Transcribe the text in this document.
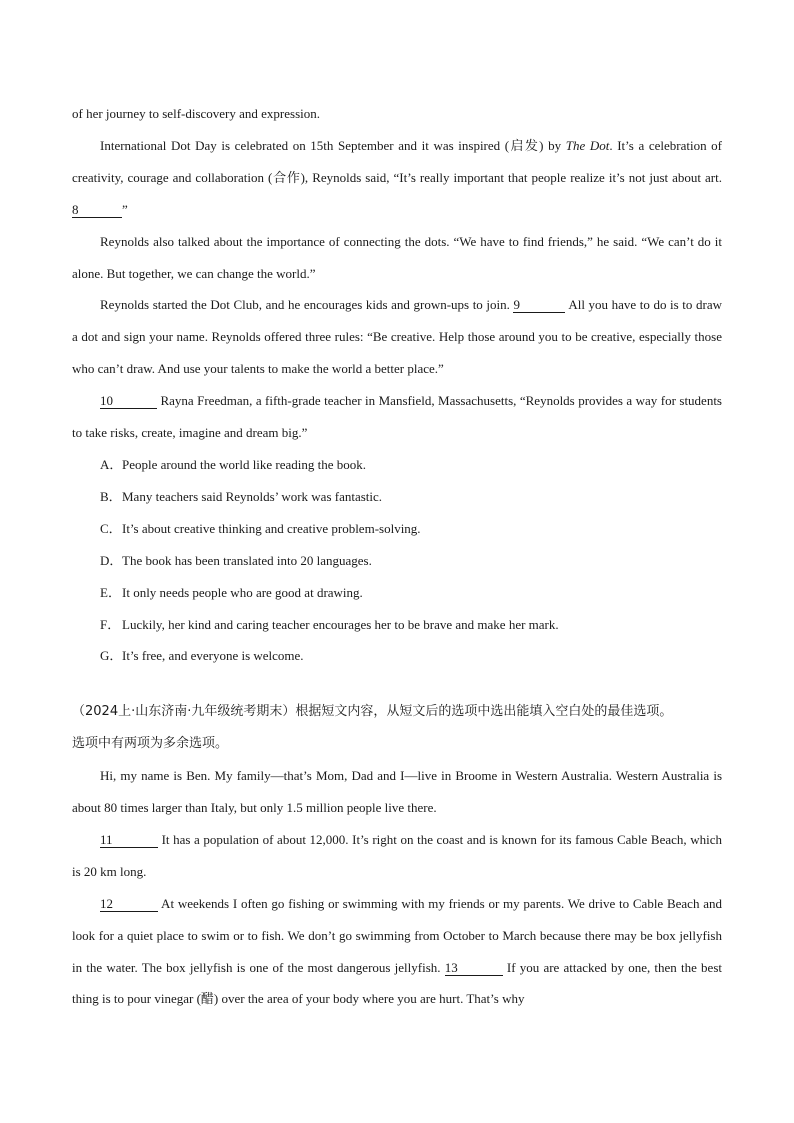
of her journey to self-discovery and expression.

International Dot Day is celebrated on 15th September and it was inspired (启发) by The Dot. It’s a celebration of creativity, courage and collaboration (合作), Reynolds said, “It’s really important that people realize it’s not just about art. 8	”

Reynolds also talked about the importance of connecting the dots. “We have to find friends,” he said. “We can’t do it alone. But together, we can change the world.”

Reynolds started the Dot Club, and he encourages kids and grown-ups to join. 9	All you have to do is to draw a dot and sign your name. Reynolds offered three rules: “Be creative. Help those around you to be creative, especially those who can’t draw. And use your talents to make the world a better place.”

10	Rayna Freedman, a fifth-grade teacher in Mansfield, Massachusetts, “Reynolds provides a way for students to take risks, create, imagine and dream big.”

A．People around the world like reading the book.

B．Many teachers said Reynolds’ work was fantastic.

C．It’s about creative thinking and creative problem-solving.

D．The book has been translated into 20 languages.

E．It only needs people who are good at drawing.

F． Luckily, her kind and caring teacher encourages her to be brave and make her mark.

G．It’s free, and everyone is welcome.

（2024上·山东济南·九年级统考期末）根据短文内容，从短文后的选项中选出能填入空白处的最佳选项。
选项中有两项为多余选项。

Hi, my name is Ben. My family—that’s Mom, Dad and I—live in Broome in Western Australia. Western Australia is about 80 times larger than Italy, but only 1.5 million people live there.

11	It has a population of about 12,000. It’s right on the coast and is known for its famous Cable Beach, which is 20 km long.

12	At weekends I often go fishing or swimming with my friends or my parents. We drive to Cable Beach and look for a quiet place to swim or to fish. We don’t go swimming from October to March because there may be box jellyfish in the water. The box jellyfish is one of the most dangerous jellyfish. 13	If you are attacked by one, then the best thing is to pour vinegar (醋) over the area of your body where you are hurt. That’s why
